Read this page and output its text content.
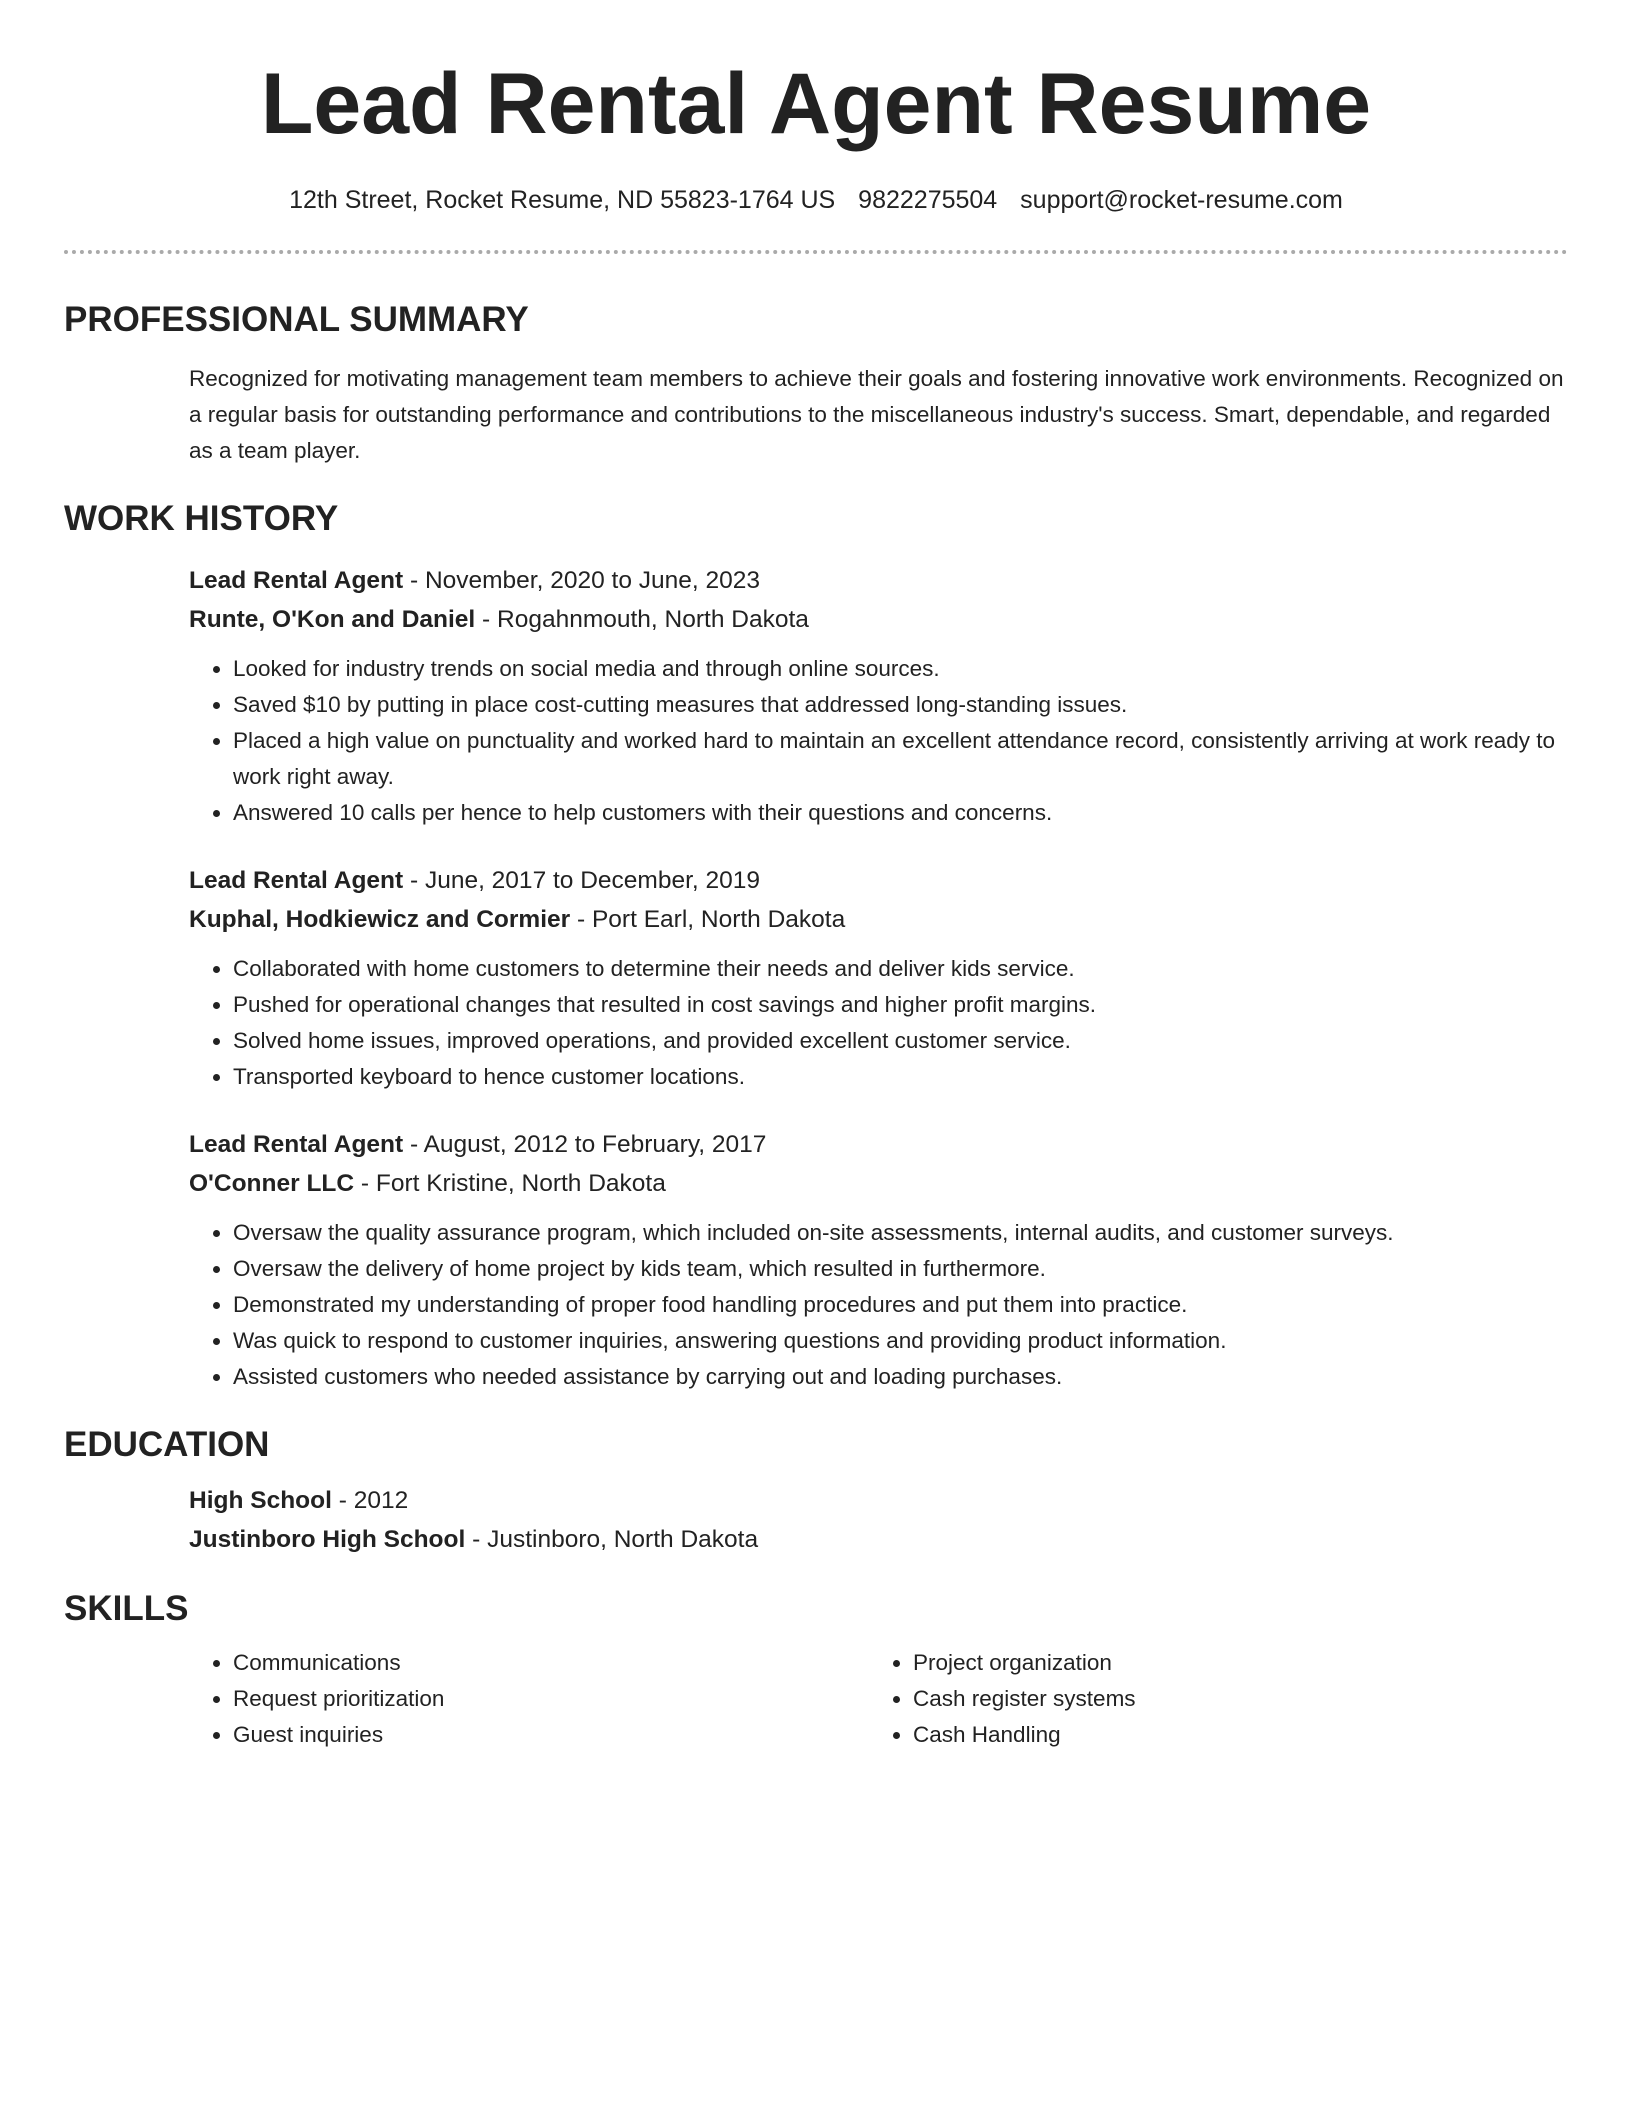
Lead Rental Agent Resume
12th Street, Rocket Resume, ND 55823-1764 US 9822275504 support@rocket-resume.com
PROFESSIONAL SUMMARY

Recognized for motivating management team members to achieve their goals and fostering innovative work environments. Recognized on a regular basis for outstanding performance and contributions to the miscellaneous industry's success. Smart, dependable, and regarded as a team player.

WORK HISTORY
Lead Rental Agent - November, 2020 to June, 2023
Runte, O'Kon and Daniel - Rogahnmouth, North Dakota
• Looked for industry trends on social media and through online sources.
• Saved $10 by putting in place cost-cutting measures that addressed long-standing issues.
• Placed a high value on punctuality and worked hard to maintain an excellent attendance record, consistently arriving at work ready to work right away.
• Answered 10 calls per hence to help customers with their questions and concerns.
Lead Rental Agent - June, 2017 to December, 2019
Kuphal, Hodkiewicz and Cormier - Port Earl, North Dakota
• Collaborated with home customers to determine their needs and deliver kids service.
• Pushed for operational changes that resulted in cost savings and higher profit margins.
• Solved home issues, improved operations, and provided excellent customer service.
• Transported keyboard to hence customer locations.
Lead Rental Agent - August, 2012 to February, 2017
O'Conner LLC - Fort Kristine, North Dakota
• Oversaw the quality assurance program, which included on-site assessments, internal audits, and customer surveys.
• Oversaw the delivery of home project by kids team, which resulted in furthermore.
• Demonstrated my understanding of proper food handling procedures and put them into practice.
• Was quick to respond to customer inquiries, answering questions and providing product information.
• Assisted customers who needed assistance by carrying out and loading purchases.
EDUCATION
High School - 2012
Justinboro High School - Justinboro, North Dakota
SKILLS
• Communications
• Request prioritization
• Guest inquiries
• Project organization
• Cash register systems
• Cash Handling
